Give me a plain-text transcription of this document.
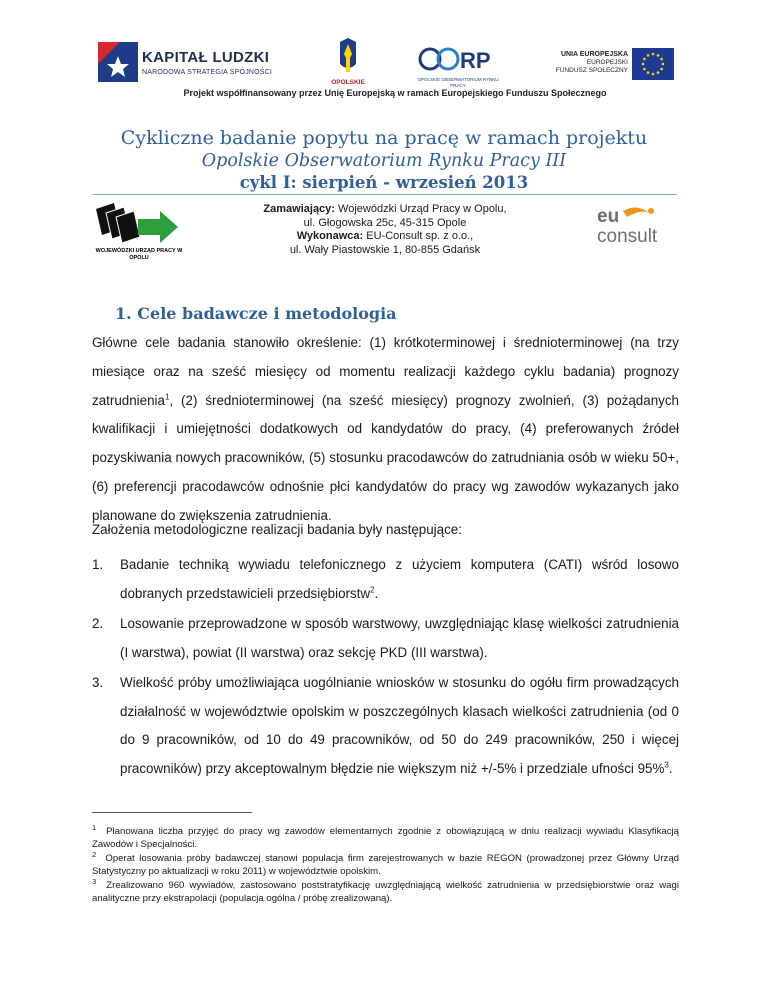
KAPITAŁ LUDZKI
NARODOWA STRATEGIA SPÓJNOŚCI
OPOLSKIE
RP
OPOLSKIE OBSERWATORIUM RYNKU PRACY
UNIA EUROPEJSKA
EUROPEJSKI
FUNDUSZ SPOŁECZNY
Projekt współfinansowany przez Unię Europejską w ramach Europejskiego Funduszu Społecznego
Cykliczne badanie popytu na pracę w ramach projektu
Opolskie Obserwatorium Rynku Pracy III
cykl I: sierpień - wrzesień 2013
WOJEWÓDZKI URZĄD PRACY W OPOLU
Zamawiający: Wojewódzki Urząd Pracy w Opolu,
ul. Głogowska 25c, 45-315 Opole
Wykonawca: EU-Consult sp. z o.o.,
ul. Wały Piastowskie 1, 80-855 Gdańsk
eu
consult
1. Cele badawcze i metodologia

Główne cele badania stanowiło określenie: (1) krótkoterminowej i średnioterminowej (na trzy miesiące oraz na sześć miesięcy od momentu realizacji każdego cyklu badania) prognozy zatrudnienia$^1$, (2) średnioterminowej (na sześć miesięcy) prognozy zwolnień, (3) pożądanych kwalifikacji i umiejętności dodatkowych od kandydatów do pracy, (4) preferowanych źródeł pozyskiwania nowych pracowników, (5) stosunku pracodawców do zatrudniania osób w wieku 50+, (6) preferencji pracodawców odnośnie płci kandydatów do pracy wg zawodów wykazanych jako planowane do zwiększenia zatrudnienia.

Założenia metodologiczne realizacji badania były następujące:
1. Badanie techniką wywiadu telefonicznego z użyciem komputera (CATI) wśród losowo dobranych przedstawicieli przedsiębiorstw$^2$.
2. Losowanie przeprowadzone w sposób warstwowy, uwzględniając klasę wielkości zatrudnienia (I warstwa), powiat (II warstwa) oraz sekcję PKD (III warstwa).
3. Wielkość próby umożliwiająca uogólnianie wniosków w stosunku do ogółu firm prowadzących działalność w województwie opolskim w poszczególnych klasach wielkości zatrudnienia (od 0 do 9 pracowników, od 10 do 49 pracowników, od 50 do 249 pracowników, 250 i więcej pracowników) przy akceptowalnym błędzie nie większym niż +/-5% i przedziale ufności 95%$^3$.
$^1$ Planowana liczba przyjęć do pracy wg zawodów elementarnych zgodnie z obowiązującą w dniu realizacji wywiadu Klasyfikacją Zawodów i Specjalności.
$^2$ Operat losowania próby badawczej stanowi populacja firm zarejestrowanych w bazie REGON (prowadzonej przez Główny Urząd Statystyczny po aktualizacji w roku 2011) w województwie opolskim.
$^3$ Zrealizowano 960 wywiadów, zastosowano poststratyfikację uwzględniającą wielkość zatrudnienia w przedsiębiorstwie oraz wagi analityczne przy ekstrapolacji (populacja ogólna / próbę zrealizowaną).
